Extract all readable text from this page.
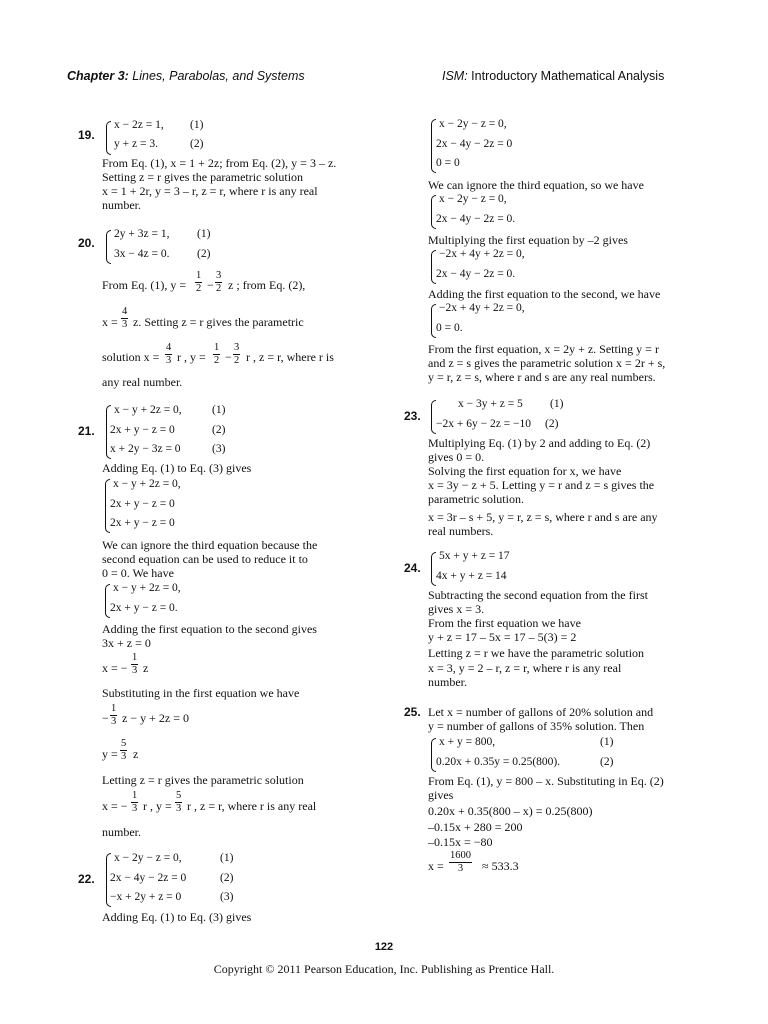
Chapter 3: Lines, Parabolas, and Systems	ISM: Introductory Mathematical Analysis
19.
x − 2z = 1, (1)
y + z = 3.	(2)
From Eq. (1), x = 1 + 2z; from Eq. (2), y = 3 – z.
Setting z = r gives the parametric solution
x = 1 + 2r, y = 3 – r, z = r, where r is any real
number.
20.
2y + 3z = 1, (1)
3x − 4z = 0. (2)
From Eq. (1), $y = \frac{1}{2} - \frac{3}{2}$ z ; from Eq. (2),
$x = \frac{4}{3} z$. Setting z = r gives the parametric
solution $x = \frac{4}{3}$ r , $y = \frac{1}{2} - \frac{3}{2}$ r , z = r, where r is
any real number.
21.
x − y + 2z = 0,	(1)
2x + y − z = 0	(2)
x + 2y − 3z = 0	(3)
Adding Eq. (1) to Eq. (3) gives
x − y + 2z = 0,
2x + y − z = 0
2x + y − z = 0
We can ignore the third equation because the
second equation can be used to reduce it to
0 = 0. We have
x − y + 2z = 0,
2x + y − z = 0.
Adding the first equation to the second gives
3x + z = 0
x = − $\frac{1}{3}$ z
Substituting in the first equation we have
− $\frac{1}{3}$ z − y + 2z = 0
$y = \frac{5}{3}$ z
Letting z = r gives the parametric solution
x = − $\frac{1}{3}$ r , $y = \frac{5}{3}$ r , z = r, where r is any real
number.
22.
x − 2y − z = 0,	(1)
2x − 4y − 2z = 0	(2)
−x + 2y + z = 0	(3)
Adding Eq. (1) to Eq. (3) gives
x − 2y − z = 0,
2x − 4y − 2z = 0
0 = 0
We can ignore the third equation, so we have
x − 2y − z = 0,
2x − 4y − 2z = 0.
Multiplying the first equation by –2 gives
−2x + 4y + 2z = 0,
2x − 4y − 2z = 0.
Adding the first equation to the second, we have
−2x + 4y + 2z = 0,
0 = 0.
From the first equation, x = 2y + z. Setting y = r
and z = s gives the parametric solution x = 2r + s,
y = r, z = s, where r and s are any real numbers.
23.
x − 3y + z = 5 (1)
−2x + 6y − 2z = −10 (2)
Multiplying Eq. (1) by 2 and adding to Eq. (2)
gives 0 = 0.
Solving the first equation for x, we have
x = 3y − z + 5. Letting y = r and z = s gives the
parametric solution.
x = 3r – s + 5, y = r, z = s, where r and s are any
real numbers.
24.
5x + y + z = 17
4x + y + z = 14
Subtracting the second equation from the first
gives x = 3.
From the first equation we have
y + z = 17 – 5x = 17 – 5(3) = 2
Letting z = r we have the parametric solution
x = 3, y = 2 – r, z = r, where r is any real
number.
25. Let x = number of gallons of 20% solution and
y = number of gallons of 35% solution. Then
x + y = 800,	(1)
0.20x + 0.35y = 0.25(800).	(2)
From Eq. (1), y = 800 – x. Substituting in Eq. (2)
gives
0.20x + 0.35(800 – x) = 0.25(800)
–0.15x + 280 = 200
–0.15x = −80
$x = \frac{1600}{3} \approx 533.3$
122
Copyright © 2011 Pearson Education, Inc. Publishing as Prentice Hall.
